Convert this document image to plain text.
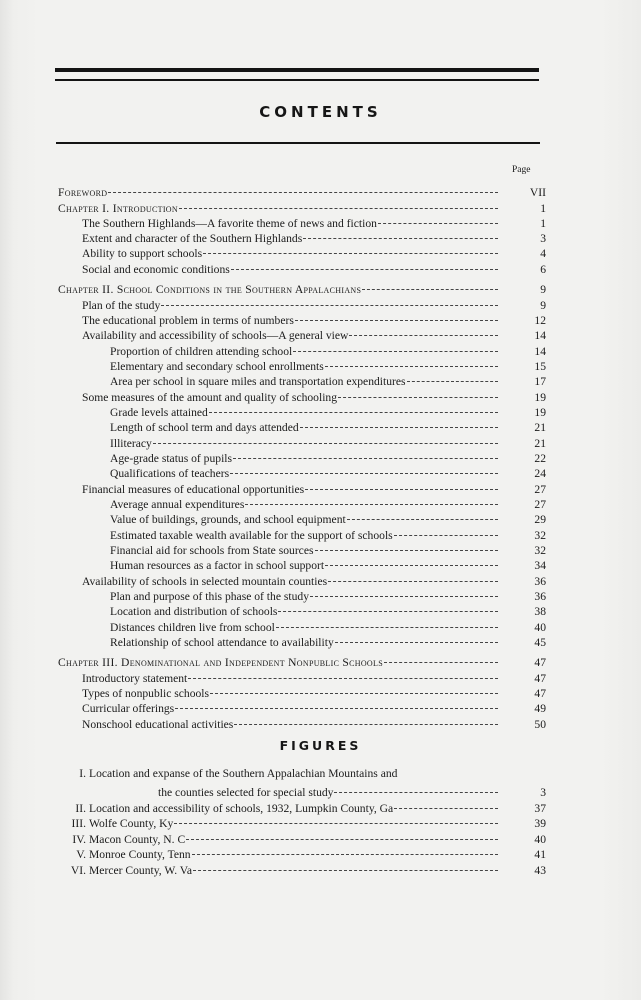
CONTENTS
Page
Foreword	VII
Chapter I. Introduction	1
The Southern Highlands—A favorite theme of news and fiction	1
Extent and character of the Southern Highlands	3
Ability to support schools	4
Social and economic conditions	6
Chapter II. School Conditions in the Southern Appalachians	9
Plan of the study	9
The educational problem in terms of numbers	12
Availability and accessibility of schools—A general view	14
Proportion of children attending school	14
Elementary and secondary school enrollments	15
Area per school in square miles and transportation expenditures	17
Some measures of the amount and quality of schooling	19
Grade levels attained	19
Length of school term and days attended	21
Illiteracy	21
Age-grade status of pupils	22
Qualifications of teachers	24
Financial measures of educational opportunities	27
Average annual expenditures	27
Value of buildings, grounds, and school equipment	29
Estimated taxable wealth available for the support of schools	32
Financial aid for schools from State sources	32
Human resources as a factor in school support	34
Availability of schools in selected mountain counties	36
Plan and purpose of this phase of the study	36
Location and distribution of schools	38
Distances children live from school	40
Relationship of school attendance to availability	45
Chapter III. Denominational and Independent Nonpublic Schools	47
Introductory statement	47
Types of nonpublic schools	47
Curricular offerings	49
Nonschool educational activities	50
FIGURES
I. Location and expanse of the Southern Appalachian Mountains and
the counties selected for special study	3
II. Location and accessibility of schools, 1932, Lumpkin County, Ga	37
III. Wolfe County, Ky	39
IV. Macon County, N. C	40
V. Monroe County, Tenn	41
VI. Mercer County, W. Va	43
